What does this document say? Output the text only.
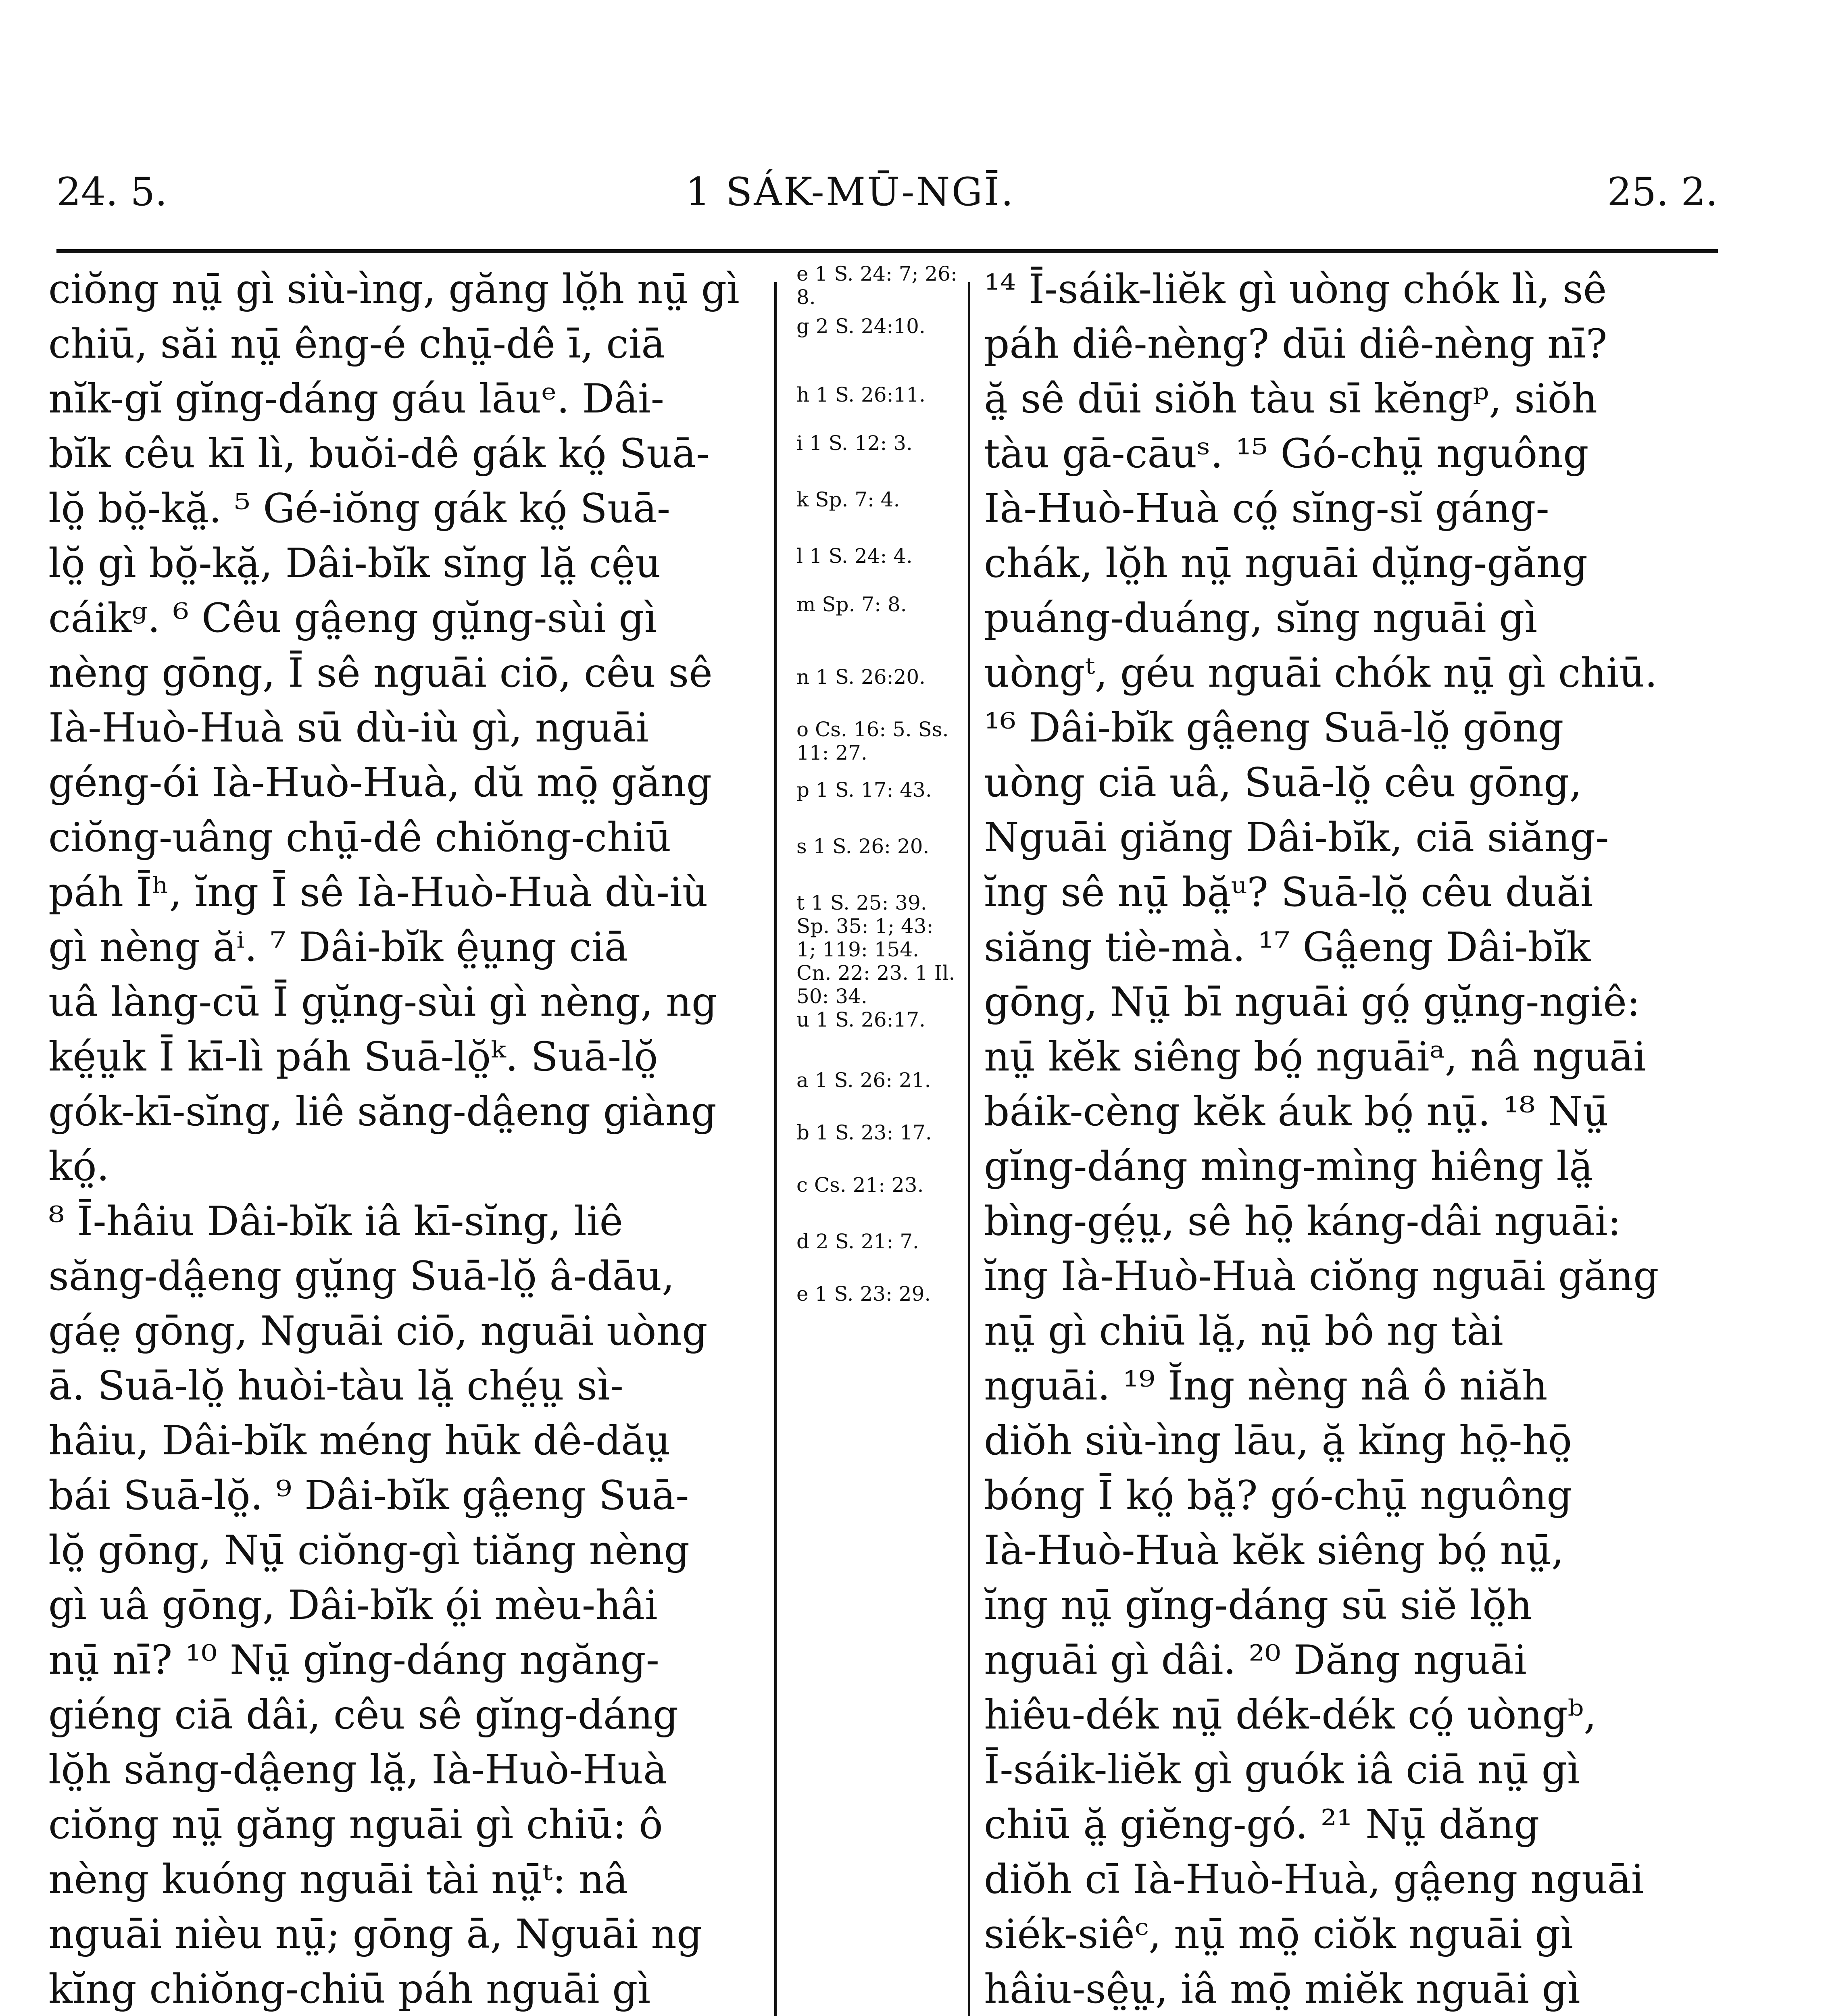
24. 5.	1 SÁK-MŪ-NGĪ.	25. 2.
ciŏng nṳ̄ gì siù-ìng, găng lŏ̤h nṳ̄ gì
chiū, săi nṳ̄ êng-é chṳ̄-dê ī, ciā
nĭk-gĭ gĭng-dáng gáu lāuᵉ. Dâi-
bĭk cêu kī lì, buŏi-dê gák kó̤ Suā-
lŏ̤ bŏ̤-kă̤. ⁵ Gé-iŏng gák kó̤ Suā-
lŏ̤ gì bŏ̤-kă̤, Dâi-bĭk sĭng lă̤ cê̤u
cáikᵍ. ⁶ Cêu gâ̤eng gṳ̆ng-sùi gì
nèng gōng, Ī sê nguāi ciō, cêu sê
Ià-Huò-Huà sū dù-iù gì, nguāi
géng-ói Ià-Huò-Huà, dŭ mō̤ găng
ciŏng-uâng chṳ̄-dê chiŏng-chiū
páh Īʰ, ĭng Ī sê Ià-Huò-Huà dù-iù
gì nèng ăⁱ. ⁷ Dâi-bĭk ê̤ṳng ciā
uâ làng-cū Ī gṳ̆ng-sùi gì nèng, ng
ké̤ṳk Ī kī-lì páh Suā-lŏ̤ᵏ. Suā-lŏ̤
gók-kī-sĭng, liê săng-dâ̤eng giàng
kó̤.
⁸ Ī-hâiu Dâi-bĭk iâ kī-sĭng, liê
săng-dâ̤eng gṳ̆ng Suā-lŏ̤ â-dāu,
gáe̤ gōng, Nguāi ciō, nguāi uòng
ā. Suā-lŏ̤ huòi-tàu lă̤ ché̤ṳ sì-
hâiu, Dâi-bĭk méng hūk dê-dăṳ
bái Suā-lŏ̤. ⁹ Dâi-bĭk gâ̤eng Suā-
lŏ̤ gōng, Nṳ̄ ciŏng-gì tiăng nèng
gì uâ gōng, Dâi-bĭk ó̤i mèu-hâi
nṳ̄ nī? ¹⁰ Nṳ̄ gĭng-dáng ngăng-
giéng ciā dâi, cêu sê gĭng-dáng
lŏ̤h săng-dâ̤eng lă̤, Ià-Huò-Huà
ciŏng nṳ̄ găng nguāi gì chiū: ô
nèng kuóng nguāi tài nṳ̄ᵗ: nâ
nguāi nièu nṳ̄; gōng ā, Nguāi ng
kĭng chiŏng-chiū páh nguāi gì
e 1 S. 24: 7; 26: 8.
g 2 S. 24:10.
h 1 S. 26:11.
i 1 S. 12: 3.
k Sp. 7: 4.
l 1 S. 24: 4.
m Sp. 7: 8.
n 1 S. 26:20.
o Cs. 16: 5. Ss. 11: 27.
p 1 S. 17: 43.
s 1 S. 26: 20.
t 1 S. 25: 39. Sp. 35: 1; 43: 1; 119: 154. Cn. 22: 23. 1 Il. 50: 34.
u 1 S. 26:17.
a 1 S. 26: 21.
b 1 S. 23: 17.
c Cs. 21: 23.
d 2 S. 21: 7.
e 1 S. 23: 29.
¹⁴ Ī-sáik-liĕk gì uòng chók lì, sê
páh diê-nèng? dūi diê-nèng nī?
ă̤ sê dūi siŏh tàu sī kĕngᵖ, siŏh
tàu gā-cāuˢ. ¹⁵ Gó-chṳ̄ nguông
Ià-Huò-Huà có̤ sĭng-sĭ gáng-
chák, lŏ̤h nṳ̄ nguāi dṳ̆ng-găng
puáng-duáng, sĭng nguāi gì
uòngᵗ, géu nguāi chók nṳ̄ gì chiū.
¹⁶ Dâi-bĭk gâ̤eng Suā-lŏ̤ gōng
uòng ciā uâ, Suā-lŏ̤ cêu gōng,
Nguāi giăng Dâi-bĭk, ciā siăng-
ĭng sê nṳ̄ bă̤ᵘ? Suā-lŏ̤ cêu duăi
siăng tiè-mà. ¹⁷ Gâ̤eng Dâi-bĭk
gōng, Nṳ̄ bī nguāi gó̤ gṳ̆ng-ngiê:
nṳ̄ kĕk siêng bó̤ nguāiᵃ, nâ nguāi
báik-cèng kĕk áuk bó̤ nṳ̄. ¹⁸ Nṳ̄
gĭng-dáng mìng-mìng hiêng lă̤
bìng-gé̤ṳ, sê hō̤ káng-dâi nguāi:
ĭng Ià-Huò-Huà ciŏng nguāi găng
nṳ̄ gì chiū lă̤, nṳ̄ bô ng tài
nguāi. ¹⁹ Ĭng nèng nâ ô niăh
diŏh siù-ìng lāu, ă̤ kĭng hō̤-hō̤
bóng Ī kó̤ bă̤? gó-chṳ̄ nguông
Ià-Huò-Huà kĕk siêng bó̤ nṳ̄,
ĭng nṳ̄ gĭng-dáng sū siĕ lŏ̤h
nguāi gì dâi. ²⁰ Dăng nguāi
hiêu-dék nṳ̄ dék-dék có̤ uòngᵇ,
Ī-sáik-liĕk gì guók iâ ciā nṳ̄ gì
chiū ă̤ giĕng-gó. ²¹ Nṳ̄ dăng
diŏh cī Ià-Huò-Huà, gâ̤eng nguāi
siék-siêᶜ, nṳ̄ mō̤ ciŏk nguāi gì
hâiu-sê̤ṳ, iâ mō̤ miĕk nguāi gì
